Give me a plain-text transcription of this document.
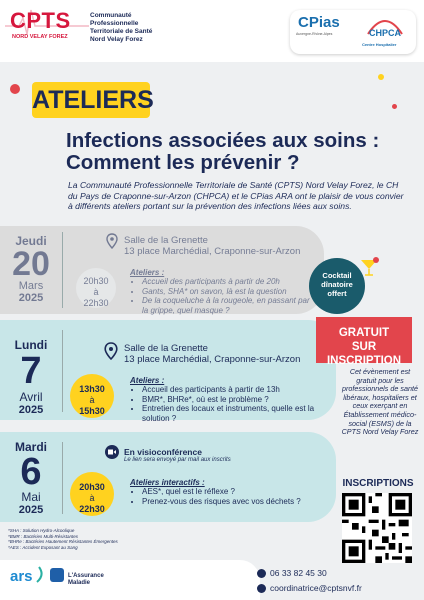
CPTS
NORD VELAY FOREZ
Communauté
Professionnelle
Territoriale de Santé
Nord Velay Forez
CPias
Auvergne-Rhône-Alpes	CHPCA
Centre Hospitalier
ATELIERS
Infections associées aux soins :
Comment les prévenir ?
La Communauté Professionnelle Territoriale de Santé (CPTS) Nord Velay Forez, le CH du Pays de Craponne-sur-Arzon (CHPCA) et le CPias ARA ont le plaisir de vous convier à différents ateliers portant sur la prévention des infections liées aux soins.
Jeudi
20
Mars
2025
20h30
à
22h30
Salle de la Grenette
13 place Marchédial, Craponne-sur-Arzon
Ateliers :
• Accueil des participants à partir de 20h
• Gants, SHA* on savon, là est la question
• De la coqueluche à la rougeole, en passant par la grippe, quel masque ?
Cocktail
dînatoire
offert
Lundi
7
Avril
2025
13h30
à
15h30
Salle de la Grenette
13 place Marchédial, Craponne-sur-Arzon
Ateliers :
• Accueil des participants à partir de 13h
• BMR*, BHRe*, où est le problème ?
• Entretien des locaux et instruments, quelle est la solution ?
Mardi
6
Mai
2025
20h30
à
22h30
En visioconférence
Le lien sera envoyé par mail aux inscrits
Ateliers interactifs :
• AES*, quel est le réflexe ?
• Prenez-vous des risques avec vos déchets ?
GRATUIT
SUR INSCRIPTION
Cet évènement est gratuit pour les professionnels de santé libéraux, hospitaliers et ceux exerçant en Établissement médico-social (ESMS) de la CPTS Nord Velay Forez
INSCRIPTIONS
*SHA : Solution Hydro-Alcoolique
*BMR : Bactéries Multi-Résistantes
*BHRe : Bactéries Hautement Résistantes Émergentes
*AES : Accident Exposant au Sang
ars	L'Assurance
Maladie
06 33 82 45 30
coordinatrice@cptsnvf.fr
